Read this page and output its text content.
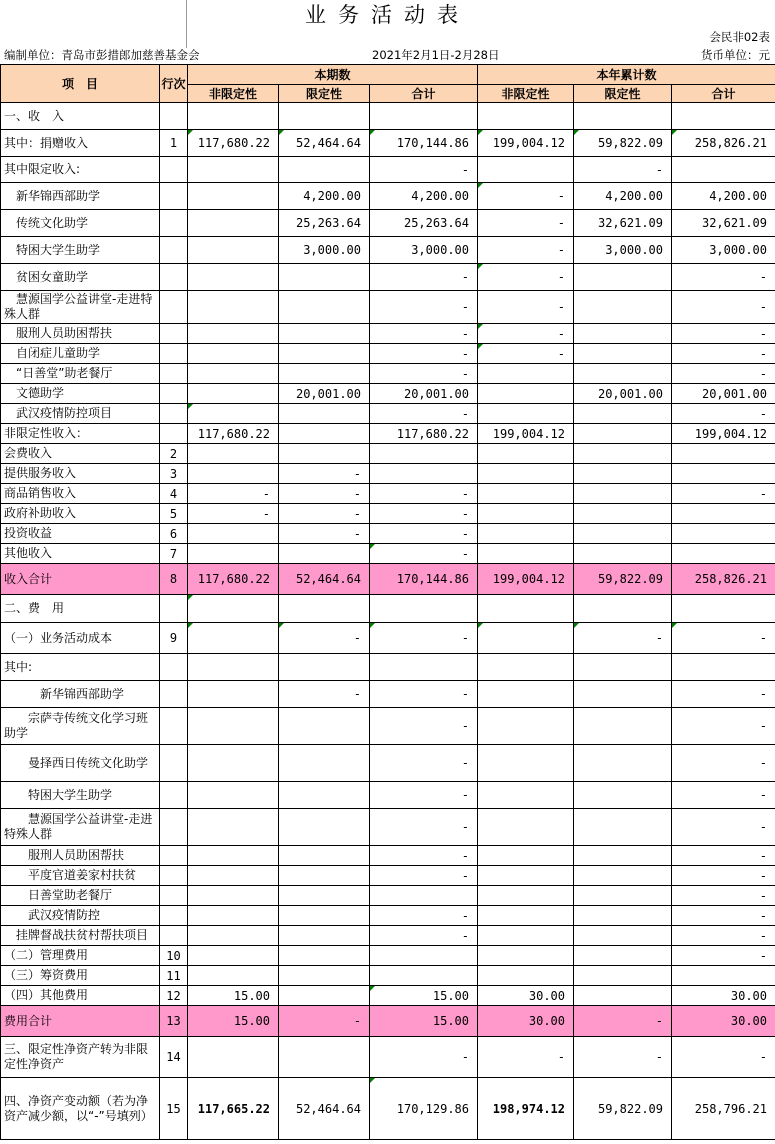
业务活动表
会民非02表
编制单位：青岛市彭措郎加慈善基金会	2021年2月1日-2月28日	货币单位：元
项　目	行次	本期数			本年累计数		
		非限定性	限定性	合计	非限定性	限定性	合计
一、收　入							
其中：捐赠收入	1	117,680.22	52,464.64	170,144.86	199,004.12	59,822.09	258,826.21

其中限定收入:				-		-	
　新华锦西部助学			4,200.00	4,200.00	-	4,200.00	4,200.00
　传统文化助学			25,263.64	25,263.64	-	32,621.09	32,621.09
　特困大学生助学			3,000.00	3,000.00	-	3,000.00	3,000.00
　贫困女童助学				-	-		-
　慧源国学公益讲堂-走进特殊人群				-	-		-
　服刑人员助困帮扶				-	-		-
　自闭症儿童助学				-	-		-
　“日善堂”助老餐厅				-			-
　文德助学			20,001.00	20,001.00		20,001.00	20,001.00
　武汉疫情防控项目				-			-
非限定性收入：		117,680.22		117,680.22	199,004.12		199,004.12
会费收入	2						
提供服务收入	3		-				
商品销售收入	4	-	-	-			-
政府补助收入	5	-	-	-			
投资收益	6		-	-			
其他收入	7			-

收入合计	8	117,680.22	52,464.64	170,144.86	199,004.12	59,822.09	258,826.21
二、费　用		

（一）业务活动成本	9		-	-		-	-

其中:							
　　　新华锦西部助学			-	-			-
　　宗萨寺传统文化学习班助学				-			-
　　曼择西日传统文化助学				-			-
　　特困大学生助学				-			-
　　慧源国学公益讲堂-走进特殊人群				-			-
　　服刑人员助困帮扶				-			-
　　平度官道姜家村扶贫				-			-
　　日善堂助老餐厅							-
　　武汉疫情防控				-			-
　挂牌督战扶贫村帮扶项目				-			-
（二）管理费用	10						-
（三）筹资费用	11						
（四）其他费用	12	15.00		15.00	30.00		30.00
费用合计	13	15.00	-	15.00	30.00	-	30.00
三、限定性净资产转为非限定性净资产	14			-	-	-	-
四、净资产变动额（若为净资产减少额，以“-”号填列）	15	117,665.22	52,464.64	170,129.86	198,974.12	59,822.09	258,796.21
